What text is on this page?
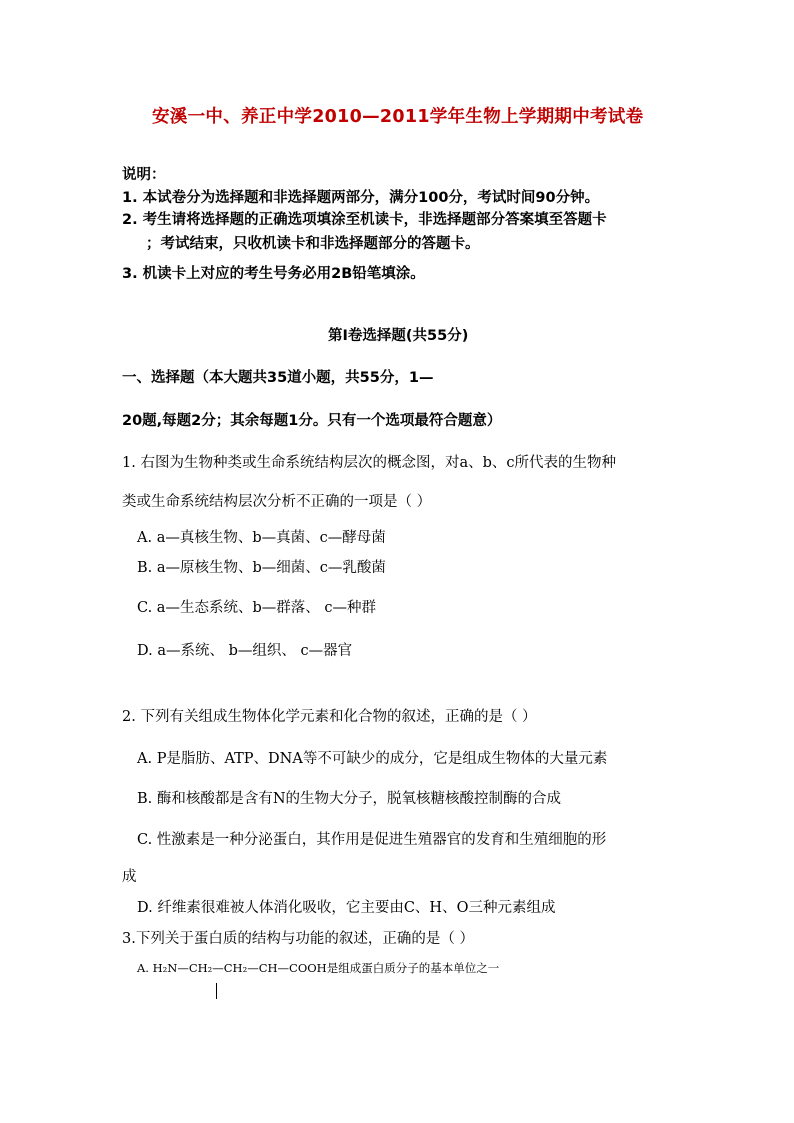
安溪一中、养正中学2010—2011学年生物上学期期中考试卷
说明：
1. 本试卷分为选择题和非选择题两部分，满分100分，考试时间90分钟。
2. 考生请将选择题的正确选项填涂至机读卡，非选择题部分答案填至答题卡
；考试结束，只收机读卡和非选择题部分的答题卡。
3. 机读卡上对应的考生号务必用2B铅笔填涂。
第Ⅰ卷选择题(共55分)
一、选择题（本大题共35道小题，共55分，1—
20题,每题2分；其余每题1分。只有一个选项最符合题意）
1. 右图为生物种类或生命系统结构层次的概念图，对a、b、c所代表的生物种
类或生命系统结构层次分析不正确的一项是（ ）
A. a—真核生物、b—真菌、c—酵母菌
B. a—原核生物、b—细菌、c—乳酸菌
C. a—生态系统、b—群落、 c—种群
D. a—系统、 b—组织、 c—器官
2. 下列有关组成生物体化学元素和化合物的叙述，正确的是（ ）
A. P是脂肪、ATP、DNA等不可缺少的成分，它是组成生物体的大量元素
B. 酶和核酸都是含有N的生物大分子，脱氧核糖核酸控制酶的合成
C. 性激素是一种分泌蛋白，其作用是促进生殖器官的发育和生殖细胞的形
成
D. 纤维素很难被人体消化吸收，它主要由C、H、O三种元素组成
3.下列关于蛋白质的结构与功能的叙述，正确的是（ ）
A. H₂N—CH₂—CH₂—CH—COOH是组成蛋白质分子的基本单位之一
